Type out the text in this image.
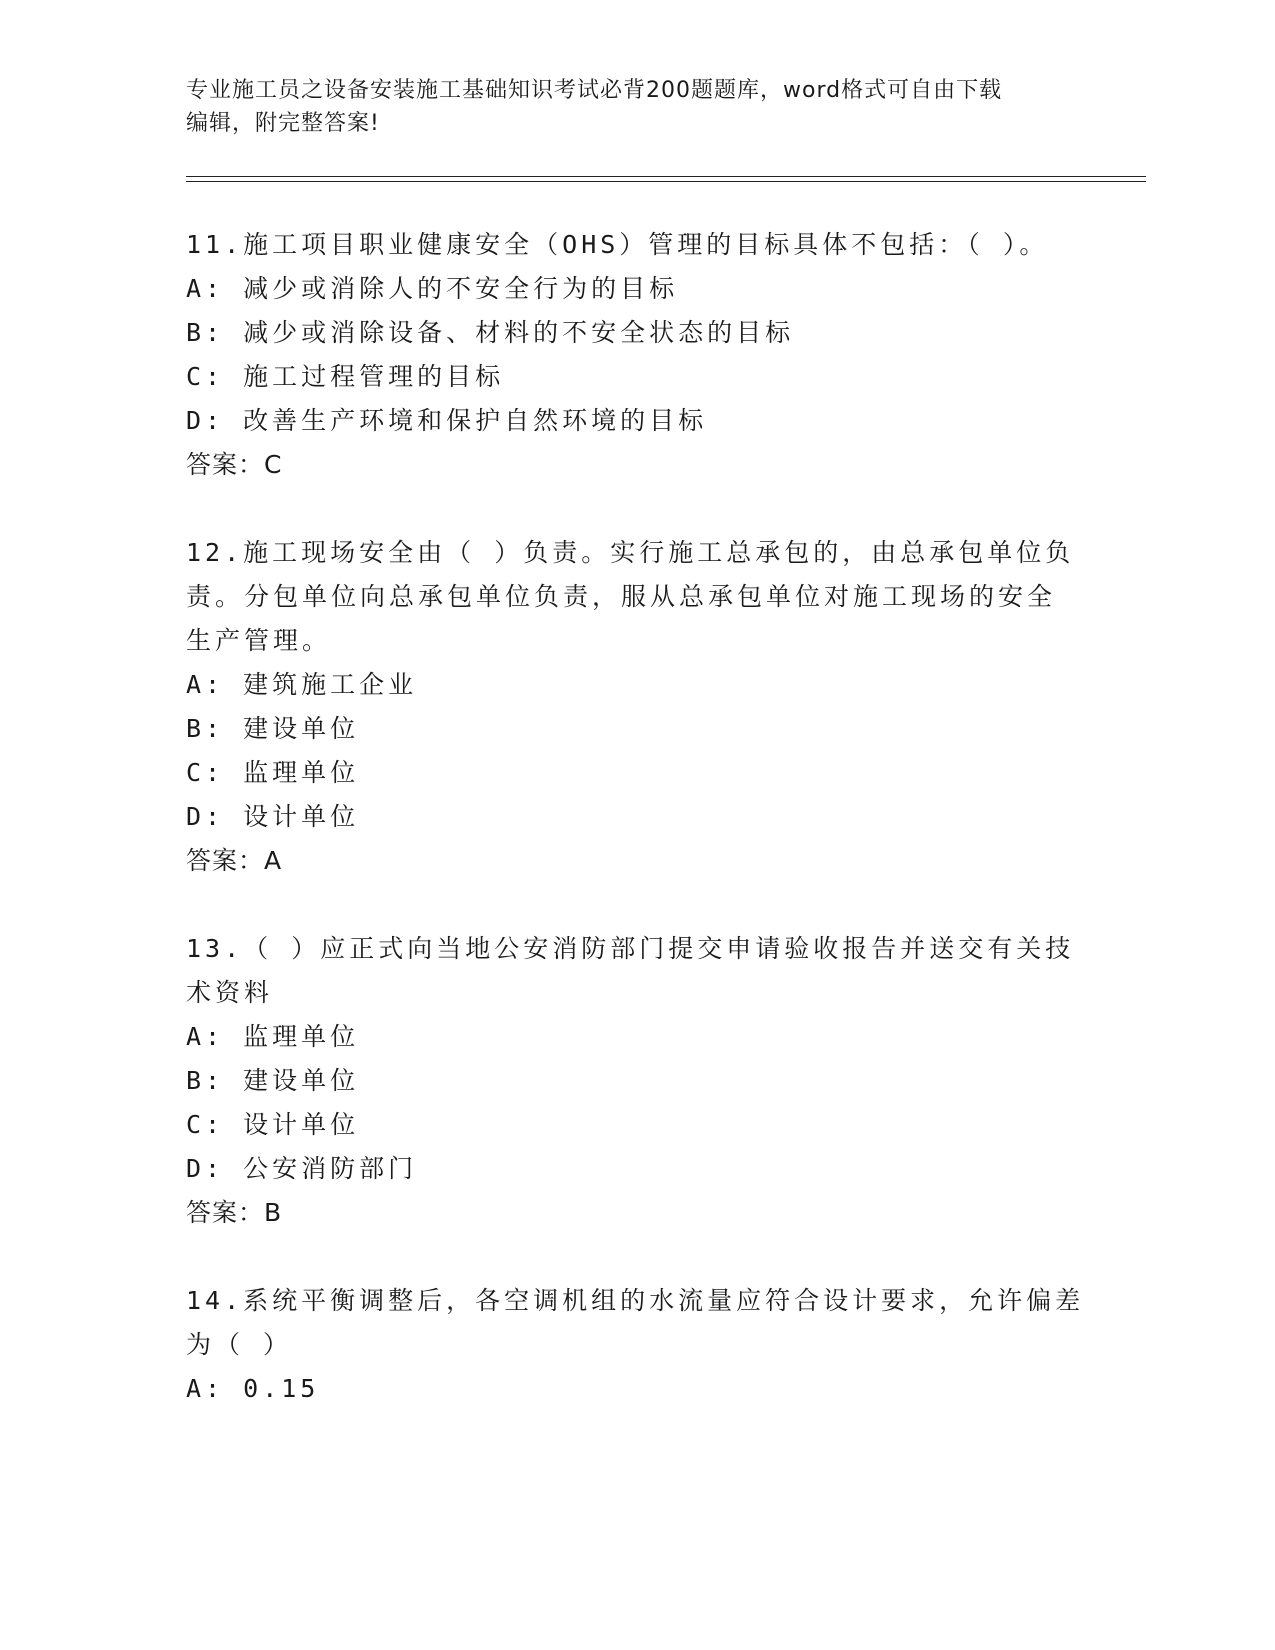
专业施工员之设备安装施工基础知识考试必背200题题库，word格式可自由下载
编辑，附完整答案!
11.施工项目职业健康安全（OHS）管理的目标具体不包括：（ ）。
A: 减少或消除人的不安全行为的目标
B: 减少或消除设备、材料的不安全状态的目标
C: 施工过程管理的目标
D: 改善生产环境和保护自然环境的目标
答案：C
12.施工现场安全由（ ）负责。实行施工总承包的，由总承包单位负
责。分包单位向总承包单位负责，服从总承包单位对施工现场的安全
生产管理。
A: 建筑施工企业
B: 建设单位
C: 监理单位
D: 设计单位
答案：A
13.（ ）应正式向当地公安消防部门提交申请验收报告并送交有关技
术资料
A: 监理单位
B: 建设单位
C: 设计单位
D: 公安消防部门
答案：B
14.系统平衡调整后，各空调机组的水流量应符合设计要求，允许偏差
为（ ）
A: 0.15
